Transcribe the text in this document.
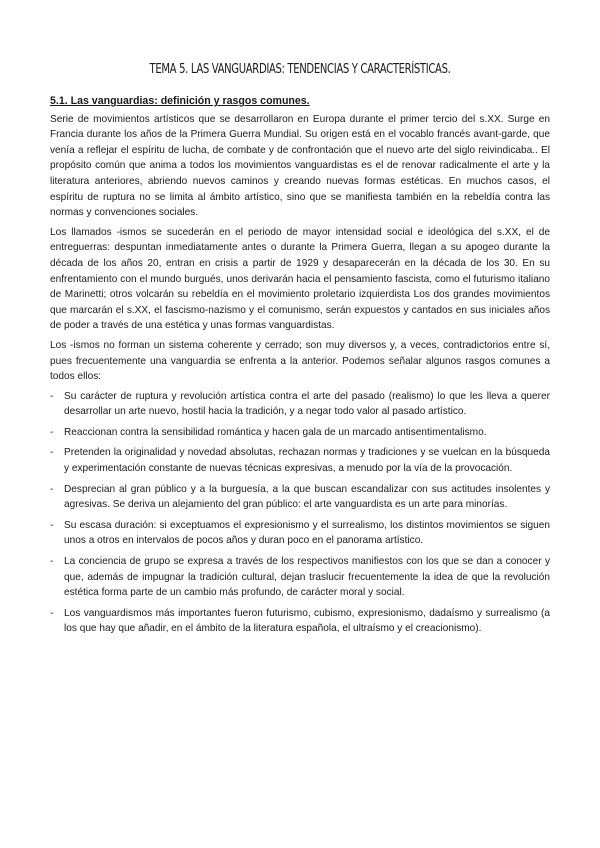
TEMA 5. LAS VANGUARDIAS: TENDENCIAS Y CARACTERÍSTICAS.
5.1. Las vanguardias: definición y rasgos comunes.

Serie de movimientos artísticos que se desarrollaron en Europa durante el primer tercio del s.XX. Surge en Francia durante los años de la Primera Guerra Mundial. Su origen está en el vocablo francés avant-garde, que venía a reflejar el espíritu de lucha, de combate y de confrontación que el nuevo arte del siglo reivindicaba.. El propósito común que anima a todos los movimientos vanguardistas es el de renovar radicalmente el arte y la literatura anteriores, abriendo nuevos caminos y creando nuevas formas estéticas. En muchos casos, el espíritu de ruptura no se limita al ámbito artístico, sino que se manifiesta también en la rebeldía contra las normas y convenciones sociales.

Los llamados -ismos se sucederán en el periodo de mayor intensidad social e ideológica del s.XX, el de entreguerras: despuntan inmediatamente antes o durante la Primera Guerra, llegan a su apogeo durante la década de los años 20, entran en crisis a partir de 1929 y desaparecerán en la década de los 30. En su enfrentamiento con el mundo burgués, unos derivarán hacia el pensamiento fascista, como el futurismo italiano de Marinetti; otros volcarán su rebeldía en el movimiento proletario izquierdista Los dos grandes movimientos que marcarán el s.XX, el fascismo-nazismo y el comunismo, serán expuestos y cantados en sus iniciales años de poder a través de una estética y unas formas vanguardistas.

Los -ismos no forman un sistema coherente y cerrado; son muy diversos y, a veces, contradictorios entre sí, pues frecuentemente una vanguardia se enfrenta a la anterior. Podemos señalar algunos rasgos comunes a todos ellos:

- Su carácter de ruptura y revolución artística contra el arte del pasado (realismo) lo que les lleva a querer desarrollar un arte nuevo, hostil hacia la tradición, y a negar todo valor al pasado artístico.
- Reaccionan contra la sensibilidad romántica y hacen gala de un marcado antisentimentalismo.
- Pretenden la originalidad y novedad absolutas, rechazan normas y tradiciones y se vuelcan en la búsqueda y experimentación constante de nuevas técnicas expresivas, a menudo por la vía de la provocación.
- Desprecian al gran público y a la burguesía, a la que buscan escandalizar con sus actitudes insolentes y agresivas. Se deriva un alejamiento del gran público: el arte vanguardista es un arte para minorías.
- Su escasa duración: si exceptuamos el expresionismo y el surrealismo, los distintos movimientos se siguen unos a otros en intervalos de pocos años y duran poco en el panorama artístico.
- La conciencia de grupo se expresa a través de los respectivos manifiestos con los que se dan a conocer y que, además de impugnar la tradición cultural, dejan traslucir frecuentemente la idea de que la revolución estética forma parte de un cambio más profundo, de carácter moral y social.
- Los vanguardismos más importantes fueron futurismo, cubismo, expresionismo, dadaísmo y surrealismo (a los que hay que añadir, en el ámbito de la literatura española, el ultraísmo y el creacionismo).
